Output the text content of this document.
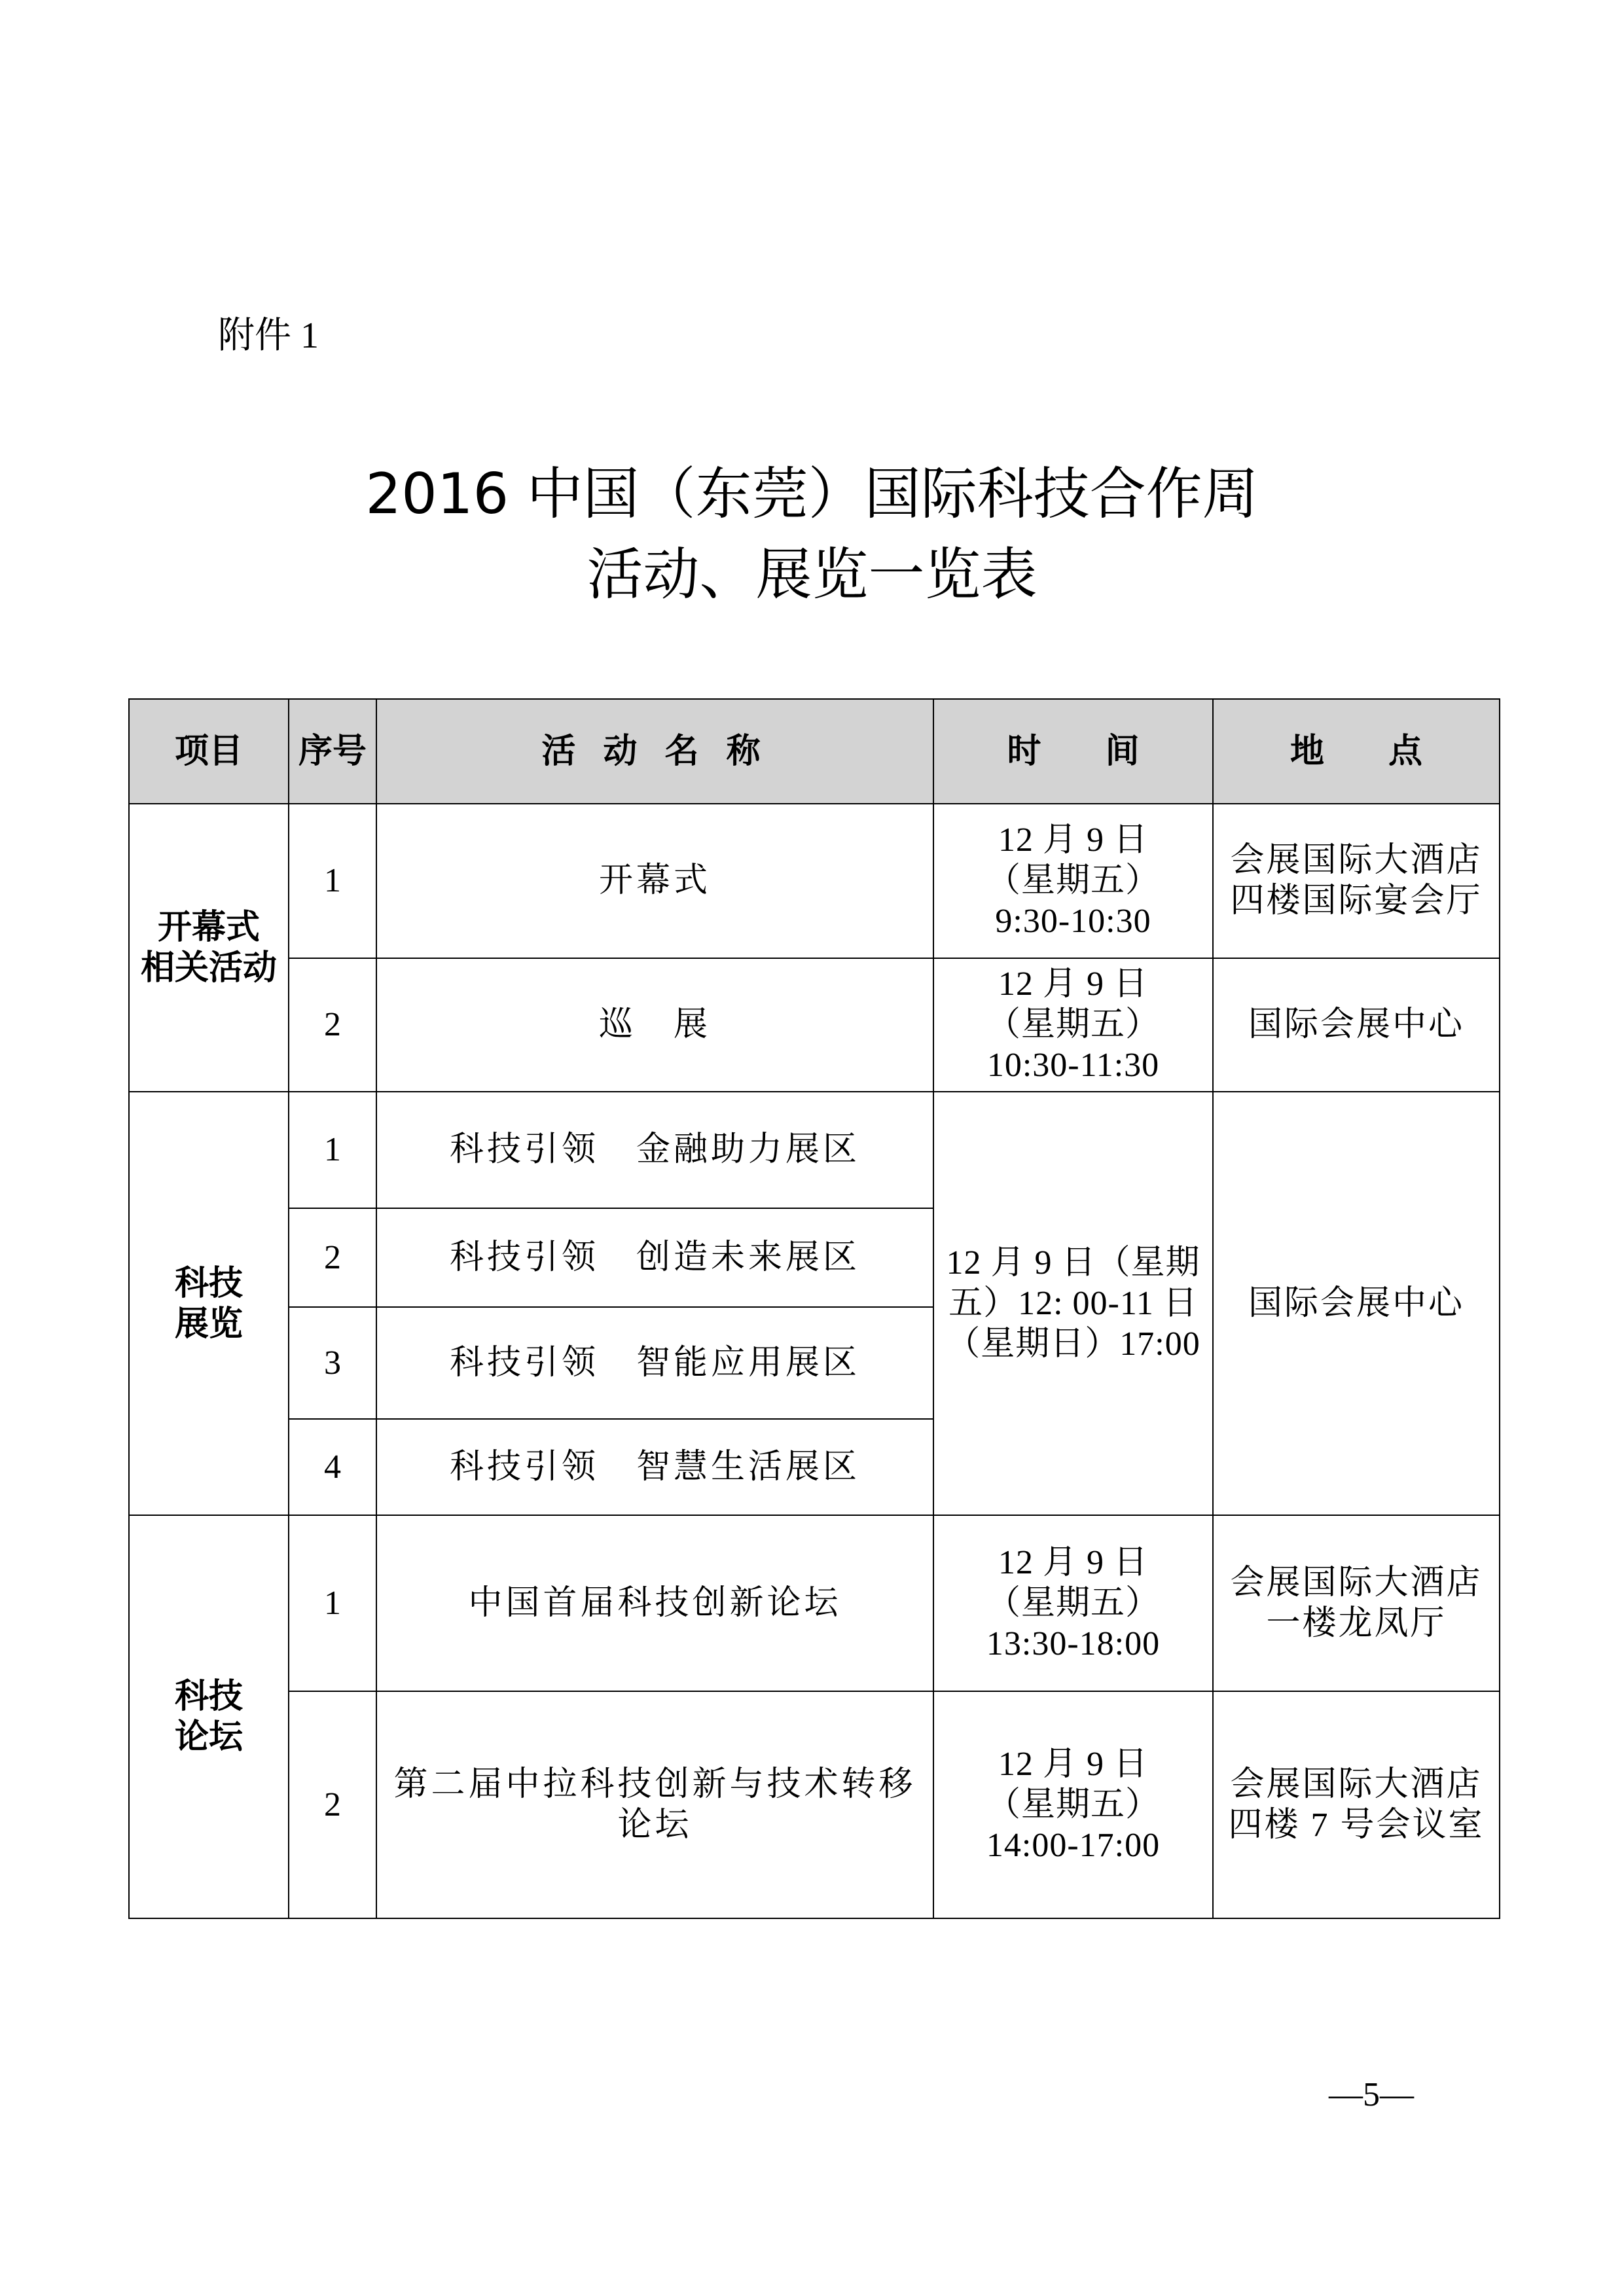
附件 1
2016 中国（东莞）国际科技合作周
活动、展览一览表
项目	序号	活 动 名 称	时 间	地 点

开幕式
相关活动	1	开幕式	12 月 9 日
（星期五）
9:30-10:30	会展国际大酒店
四楼国际宴会厅

	2	巡　展	12 月 9 日
（星期五）
10:30-11:30	国际会展中心

科技
展览	1	科技引领　金融助力展区	12 月 9 日（星期
五）12: 00-11 日
（星期日）17:00	国际会展中心

	2	科技引领　创造未来展区		
	3	科技引领　智能应用展区		
	4	科技引领　智慧生活展区		

科技
论坛	1	中国首届科技创新论坛	12 月 9 日
（星期五）
13:30-18:00	会展国际大酒店
一楼龙凤厅

	2	第二届中拉科技创新与技术转移
论坛	12 月 9 日
（星期五）
14:00-17:00	会展国际大酒店
四楼 7 号会议室
—5—
